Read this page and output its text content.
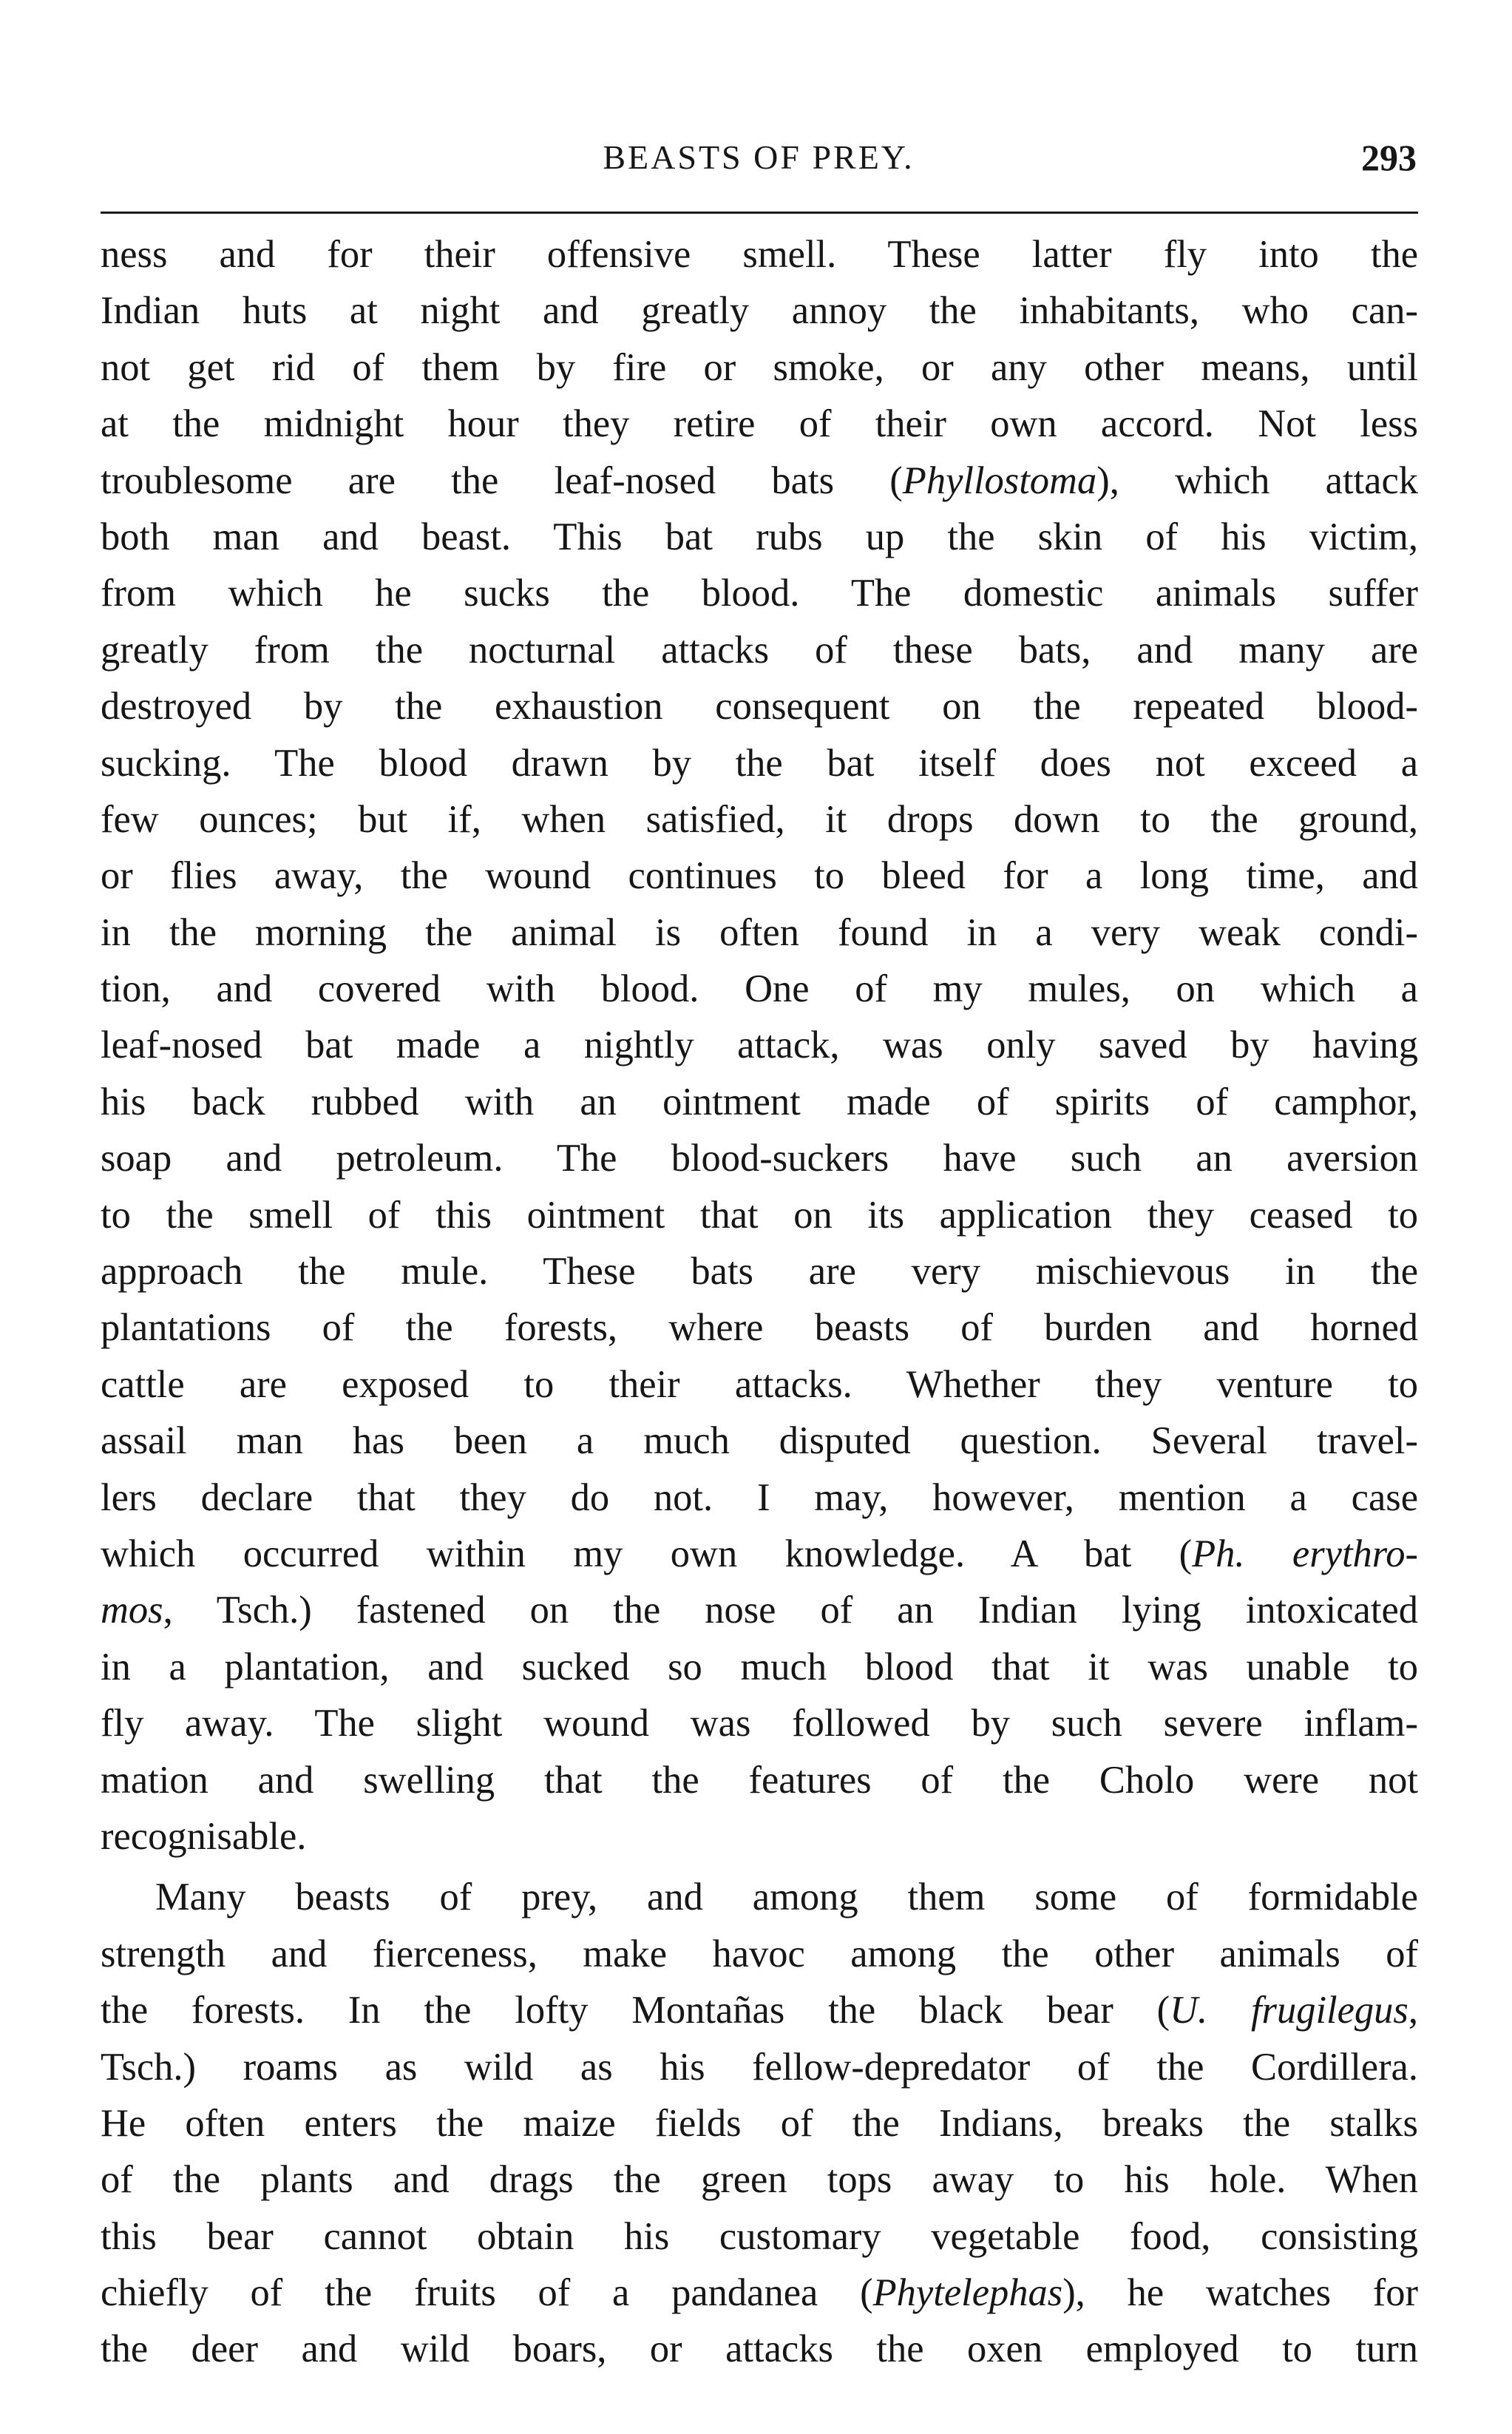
BEASTS OF PREY.	293
ness and for their offensive smell. These latter fly into the
Indian huts at night and greatly annoy the inhabitants, who can-
not get rid of them by fire or smoke, or any other means, until
at the midnight hour they retire of their own accord. Not less
troublesome are the leaf-nosed bats (Phyllostoma), which attack
both man and beast. This bat rubs up the skin of his victim,
from which he sucks the blood. The domestic animals suffer
greatly from the nocturnal attacks of these bats, and many are
destroyed by the exhaustion consequent on the repeated blood-
sucking. The blood drawn by the bat itself does not exceed a
few ounces; but if, when satisfied, it drops down to the ground,
or flies away, the wound continues to bleed for a long time, and
in the morning the animal is often found in a very weak condi-
tion, and covered with blood. One of my mules, on which a
leaf-nosed bat made a nightly attack, was only saved by having
his back rubbed with an ointment made of spirits of camphor,
soap and petroleum. The blood-suckers have such an aversion
to the smell of this ointment that on its application they ceased to
approach the mule. These bats are very mischievous in the
plantations of the forests, where beasts of burden and horned
cattle are exposed to their attacks. Whether they venture to
assail man has been a much disputed question. Several travel-
lers declare that they do not. I may, however, mention a case
which occurred within my own knowledge. A bat (Ph. erythro-
mos, Tsch.) fastened on the nose of an Indian lying intoxicated
in a plantation, and sucked so much blood that it was unable to
fly away. The slight wound was followed by such severe inflam-
mation and swelling that the features of the Cholo were not
recognisable.
Many beasts of prey, and among them some of formidable
strength and fierceness, make havoc among the other animals of
the forests. In the lofty Montañas the black bear (U. frugilegus,
Tsch.) roams as wild as his fellow-depredator of the Cordillera.
He often enters the maize fields of the Indians, breaks the stalks
of the plants and drags the green tops away to his hole. When
this bear cannot obtain his customary vegetable food, consisting
chiefly of the fruits of a pandanea (Phytelephas), he watches for
the deer and wild boars, or attacks the oxen employed to turn
